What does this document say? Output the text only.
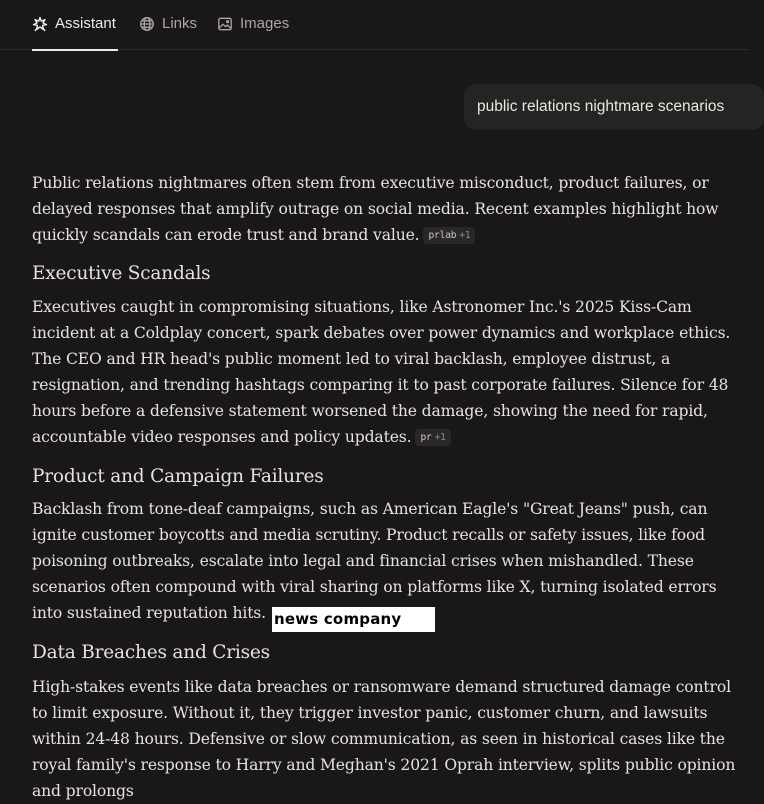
Assistant	Links	Images
public relations nightmare scenarios

Public relations nightmares often stem from executive misconduct, product failures, or delayed responses that amplify outrage on social media. Recent examples highlight how quickly scandals can erode trust and brand value. prlab +1

Executive Scandals

Executives caught in compromising situations, like Astronomer Inc.'s 2025 Kiss-Cam incident at a Coldplay concert, spark debates over power dynamics and workplace ethics. The CEO and HR head's public moment led to viral backlash, employee distrust, a resignation, and trending hashtags comparing it to past corporate failures. Silence for 48 hours before a defensive statement worsened the damage, showing the need for rapid, accountable video responses and policy updates. pr +1

Product and Campaign Failures

Backlash from tone-deaf campaigns, such as American Eagle's "Great Jeans" push, can ignite customer boycotts and media scrutiny. Product recalls or safety issues, like food poisoning outbreaks, escalate into legal and financial crises when mishandled. These scenarios often compound with viral sharing on platforms like X, turning isolated errors into sustained reputation hits. news company

Data Breaches and Crises

High-stakes events like data breaches or ransomware demand structured damage control to limit exposure. Without it, they trigger investor panic, customer churn, and lawsuits within 24-48 hours. Defensive or slow communication, as seen in historical cases like the royal family's response to Harry and Meghan's 2021 Oprah interview, splits public opinion and prolongs
